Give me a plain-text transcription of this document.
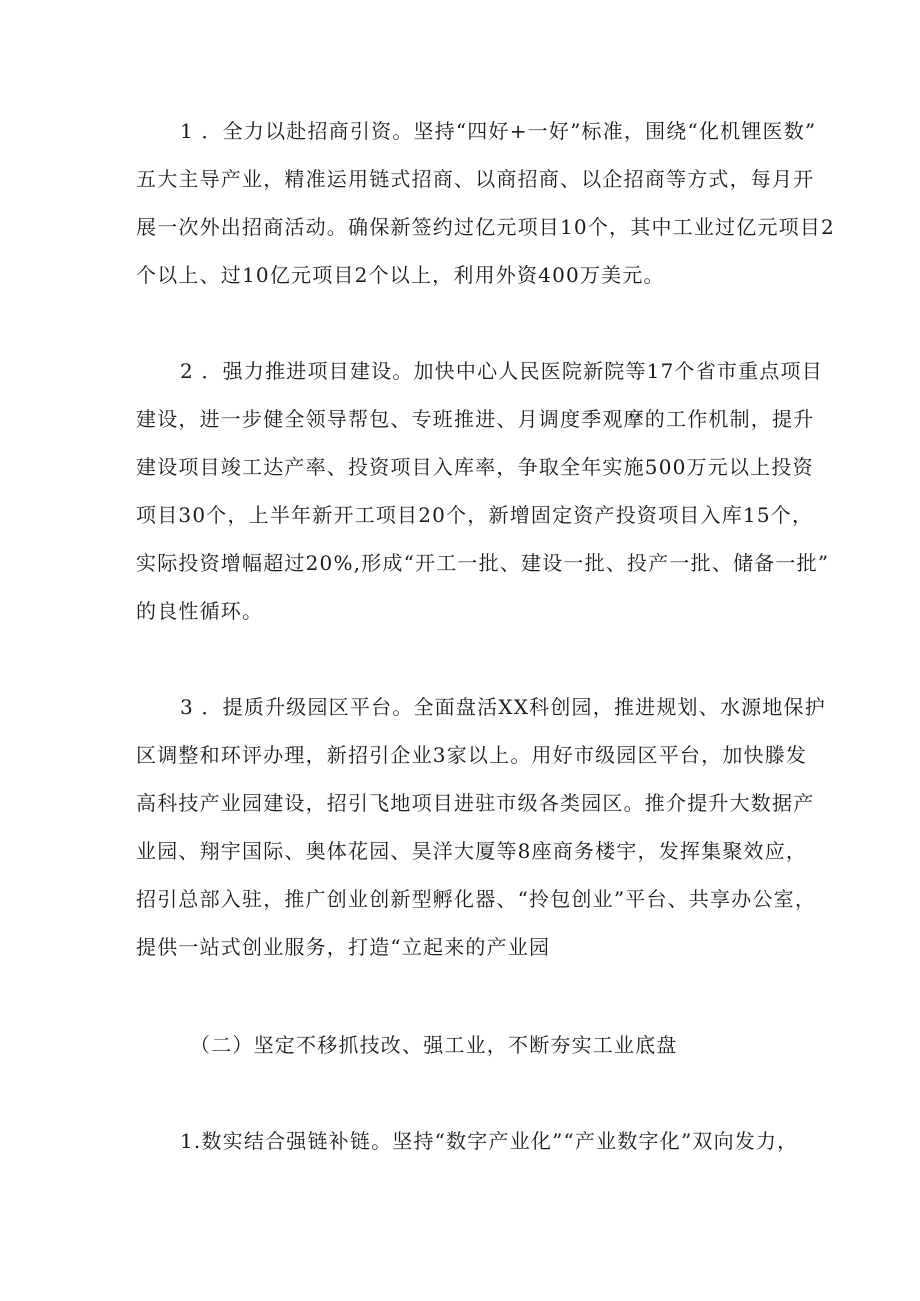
1 ．全力以赴招商引资。坚持“四好+一好”标准，围绕“化机锂医数”
五大主导产业，精准运用链式招商、以商招商、以企招商等方式，每月开
展一次外出招商活动。确保新签约过亿元项目10个，其中工业过亿元项目2
个以上、过10亿元项目2个以上，利用外资400万美元。
2 ．强力推进项目建设。加快中心人民医院新院等17个省市重点项目
建设，进一步健全领导帮包、专班推进、月调度季观摩的工作机制，提升
建设项目竣工达产率、投资项目入库率，争取全年实施500万元以上投资
项目30个，上半年新开工项目20个，新增固定资产投资项目入库15个，
实际投资增幅超过20%,形成“开工一批、建设一批、投产一批、储备一批”
的良性循环。
3 ．提质升级园区平台。全面盘活XX科创园，推进规划、水源地保护
区调整和环评办理，新招引企业3家以上。用好市级园区平台，加快滕发
高科技产业园建设，招引飞地项目进驻市级各类园区。推介提升大数据产
业园、翔宇国际、奥体花园、昊洋大厦等8座商务楼宇，发挥集聚效应，
招引总部入驻，推广创业创新型孵化器、“拎包创业”平台、共享办公室，
提供一站式创业服务，打造“立起来的产业园
（二）坚定不移抓技改、强工业，不断夯实工业底盘
1.数实结合强链补链。坚持“数字产业化”“产业数字化”双向发力，
